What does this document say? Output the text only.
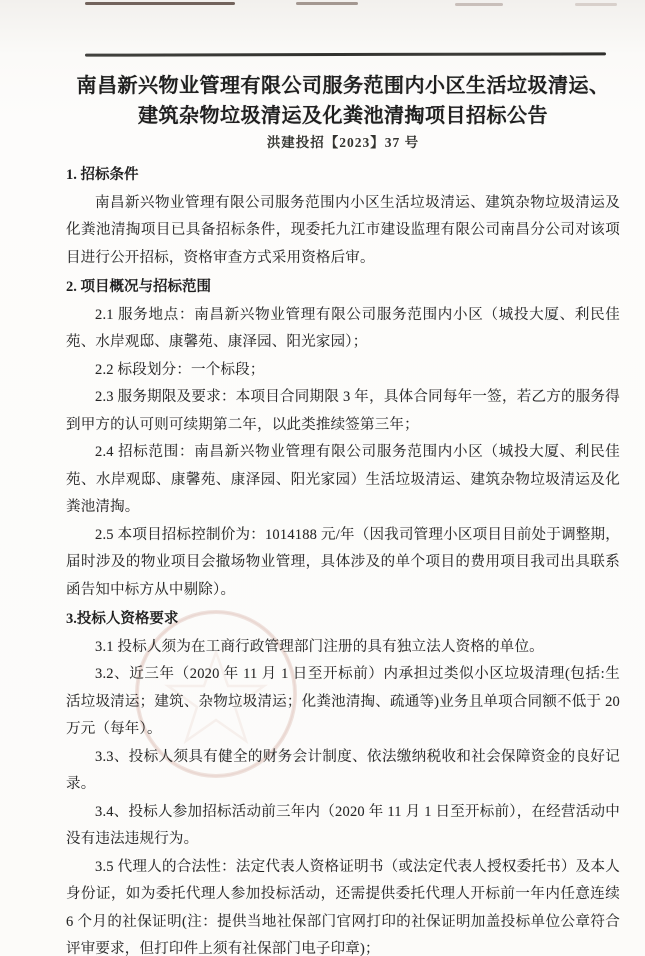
南昌新兴物业管理有限公司服务范围内小区生活垃圾清运、
建筑杂物垃圾清运及化粪池清掏项目招标公告
洪建投招【2023】37 号
1. 招标条件

南昌新兴物业管理有限公司服务范围内小区生活垃圾清运、建筑杂物垃圾清运及化粪池清掏项目已具备招标条件，现委托九江市建设监理有限公司南昌分公司对该项目进行公开招标，资格审查方式采用资格后审。

2. 项目概况与招标范围

2.1 服务地点：南昌新兴物业管理有限公司服务范围内小区（城投大厦、利民佳苑、水岸观邸、康馨苑、康泽园、阳光家园）；

2.2 标段划分：一个标段；

2.3 服务期限及要求：本项目合同期限 3 年，具体合同每年一签，若乙方的服务得到甲方的认可则可续期第二年，以此类推续签第三年；

2.4 招标范围：南昌新兴物业管理有限公司服务范围内小区（城投大厦、利民佳苑、水岸观邸、康馨苑、康泽园、阳光家园）生活垃圾清运、建筑杂物垃圾清运及化粪池清掏。

2.5 本项目招标控制价为：1014188 元/年（因我司管理小区项目目前处于调整期，届时涉及的物业项目会撤场物业管理，具体涉及的单个项目的费用项目我司出具联系函告知中标方从中剔除）。

3.投标人资格要求

3.1 投标人须为在工商行政管理部门注册的具有独立法人资格的单位。

3.2、近三年（2020 年 11 月 1 日至开标前）内承担过类似小区垃圾清理(包括:生活垃圾清运；建筑、杂物垃圾清运；化粪池清掏、疏通等)业务且单项合同额不低于 20 万元（每年）。

3.3、投标人须具有健全的财务会计制度、依法缴纳税收和社会保障资金的良好记录。

3.4、投标人参加招标活动前三年内（2020 年 11 月 1 日至开标前），在经营活动中没有违法违规行为。

3.5 代理人的合法性：法定代表人资格证明书（或法定代表人授权委托书）及本人身份证，如为委托代理人参加投标活动，还需提供委托代理人开标前一年内任意连续 6 个月的社保证明(注：提供当地社保部门官网打印的社保证明加盖投标单位公章符合评审要求，但打印件上须有社保部门电子印章)；
